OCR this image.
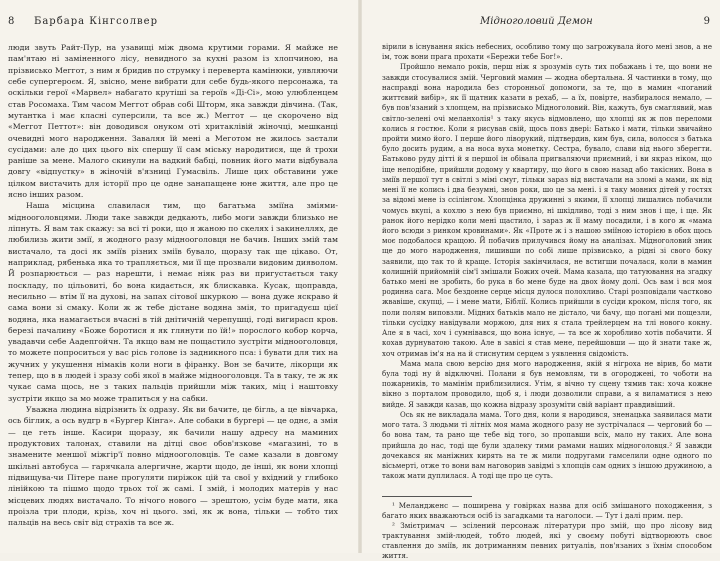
8 Барбара Кінгсолвер

люди звуть Райт-Пур, на узавищі між двома крутими горами. Я майже не пам'ятаю ні заміненного лісу, невидного за кухні разом із хлопчиною, на прізвисько Меггот, з ним я бридив по струмку і переверта камінюки, уявляючи себе супергероєм. Я, звісно, мене вибрати для себе будь-якого персонажа, та оскільки герої «Марвел» набагато крутіші за героїв «Ді-Сі», мою улюбленцем став Росомаха. Тим часом Меггот обрав собі Шторм, яка завжди дівчина. (Так, мутантка і має класні суперсили, та все ж.) Меггот — це скорочено від «Меггот Петтот»: він доводився онуком оті хритаклівій жіночці, мешканці очевидні мого народження. Заваляя їй мені а Меготом не жилось заєтали сусідами: але до цих цього віх спершу її сам міську народитися, ще й трохи раніше за мене. Малого скинули на вадкий бабці, повник його мати відбувала довгу «відпустку» в жіночій в'язниці Гумасвіль. Лише цих обставини уже цілком вистачить для історії про це одне занапащене юне життя, але про це ясно інших разом.

Наша місцина славилася тим, що багатьма зміїна зміями-міднооголовцями. Люди таке завжди дедкають, либо моги завжди близько не ліпнуть. Я вам так скажу: за всі ті роки, що я жаною по скелях і закинеллях, де любилизь жити змії, я жодного разу міднооголовця не бачив. Інших змій там вистачало, та досі як зміїв різних зміїв бувало, щоразу так ще цікаво. От, наприклад, рябенька яка то трапляється, ми її ще прозвали видовим дияволом. Й розпарюється — раз нарешти, і немає ніяк раз ви пригустається таку поскладу, по цільовиті, бо вона кидається, як блискавка. Кусак, щоправда, несильно — втім її на духові, на запах сітової шкуркою — вона дуже яскраво й сама вони зі смаку. Коли ж ж тебе дістане водяна змія, то пригадуєш цієї водяна, яка намагається вчасні в тій днітичній черепушці, годі вигирасп кров. березі пачалину «Боже боротися я як глянути по їй!» порослого кобор корча, увадавчи себе Аадепгойчн. Та якщо вам не пощастило зустріти міднооголовця, то можете попроситься у вас рісь голове із задникного пса: і бувати для тих на жучних у укушення німаків коли ноги в фіранку. Вон зе бачите, лікорщи як тепер, що в в людей і зразу собі якої в майже міднооголовця. Та в таку, те ж як чукає сама щось, не з таких пальців прийшли між таких, міц і наштовху зустріти якщо за мо може трапиться у на сабки.

Уважна людина відрізнить їх одразу. Як ви бачите, це бігль, а це вівчарка, ось біглик, а ось вудгр в «Бургер Кінга». Але собаки в бургері — це однє, а змія — це геть інше. Касири щоразу, як бачили нашу адресу на маминих продуктових талонах, ставили на дітці своє обов'язкове «магазині, то в знамените меншої міжгір'ї повно міднооголовців. Те саме казали в довгому шкільні автобуса — гарячкала алергичне, жарти щодо, де інші, як вони хлопці підвищува-чи Пітере пане прогуляти пиріжок цій та свої у вхідний у глибоко лінійкою та пішмо щодо трьох тої ж самі. І змій, і молодих матерів у нас місцевих людях вистачало. То нічого нового — зрештою, усім буде мати, яка проізла три плоди, крізь, хоч ні цього. змі, як ж вона, тільки — тобто тих пальців на весь світ від страхів та все ж.

Мідноголовий Демон	9

вірили в існування якісь небесних, особливо тому що загрожувала його мені знов, а не ім, тож вони прага прохати «Бережи тебе Бог!».

Пройшло немало років, перш ніж я зрозумів суть тих побажань і те, що вони не завжди стосувалися змій. Черговий мамин — жодна обертальна. Я частинки в тому, що насправді вона народила без сторонньої допомоги, за те, що в мамин «поганий життєвий вибір», як її щатник казати в рехаб, — а їх, повірте, назбиралося немало, — був пов'язаний з хлопцем, на прізвисько Мідноголовий. Він, кажуть, був смаглявий, мав світло-зелені очі меланхолія¹ з таку якусь відмовлено, що хлопці як ж пов переломи колись я гостює. Коли я рисував свій, щось повз двері: Батько і мати, тільки звичайно пройти мимо його. І перше його ліворукий, підтвердив, ким був, сила, волосся з батька було досить рудим, а на носа вуха монетку. Сестра, бувало, слави від нього зберегти. Батьково руду дітті й я першої ін обівала пригваляючи приємний, і ви якраз ніком, що іще неподібне, прийшли додому у квартиру, що його в свою назад або такісних. Вона в зміїв першої тут в світлі з мімі смуг, тільки зараз від вистачали на зломі а мами, як від мені її не колись і два безумні, знов роки, шо це за мені. і я таку мовних дітей у гостях за відомі мене із ссілінгом. Хлопцінка дружинні з якими, її хлопці лишались побачили чомусь вкупі, а кохлю з нею був приємно, ні шкідливо, тоді з ним знов і ще, і ще. Як ранок його нерідко коли мені щастило, і зараз ж її маму посадили, і в кого ж «мама його всюди з ринком кровинами». Як «Проте ж і з нашою зміїною історією в обох щось моє подобалося кращою. Й побачив прилучився йому на аналізах. Мідноголовий зник ще до мого народження, лишивши по собі лише прізвисько, а рідні зі свого боку заявили, що так то й краще. Історія закінчилася, не встигши почалася, коли в мамин колишній прийомній сім'ї змішали Божих очей. Мама казала, що татуювання на згадку батько мені не зробить, бо рука в бо мене буде на двох йому долі. Ось вам і вся моя родинна сага. Моє бездонне серце місця дулося полохливо. Старі розповідали частково жвавіше, скупці, — і мене мати, Біблії. Колись прийшли в сусіди кроком, після того, як поли полям виповзли. Мідних батьків мало не дістало, чи бачу, що погані ми пощезли, тільки сусідку навідували моржою, для них я стала трейлерцем на тлі нового кокну. Але я в часі, хоч і сумнівався, що вона існує, — та все ж хоробливо хотів побачити. Я кохав дурнуватою такою. Але в завісі я став мене, перейшовши — що й знати таке ж, хоч отримав ім'я на на й стиснутим серцем з уявлення свідомість.

Мама мала свою версію дня мого народження, якій я нігроха не вірив, бо мати була тоді ну й відключні. Полани я був немовлям, ти в огороджені, то чоботи на пожарників, то мамінім приблизилися. Утім, я вічно ту сцену тямив так: хоча кожне вікно з порталом проводило, щоб я, і люди дозволили справи, а я виламатися з нею вийде. Я завжди казав, що кожна відразу зрозуміти свій варіант правдивіший.

Ось як не викладала мама. Того дня, коли я народився, зненацька заявилася мати мого тата. З людьми ті літніх моя мама жодного разу не зустрічалася — черговий бо — бо вона там, та рано ще тебе від того, зо пропавши всіх, мало ну таких. Але вона прийшла до нас, тоді ще були здалеку тими рамами наших мідноголовця.² Я завжди дочекався як маніжних кирять на те ж мили подругами гамселили одне одного по вісьмерті, отже то вони вам наговорив завідмі з хлопців сам одних з іншою дружиною, а також мати дуплилася. А тоді ще про це суть.

¹ Меландженс — поширена у говірках назва для осіб змішаного походження, з багато яких вважаються осіб із загадками та наголоси. — Тут і далі прим. пер.

² Змієтримач — зсілений персонаж літератури про змій, що про лісову вид трактування змій-людей, тобто людей, які у своєму побуті відтворюють своє ставлення до зміїв, як дотриманням певних ритуалів, пов'язаних з їхнім способом життя.
